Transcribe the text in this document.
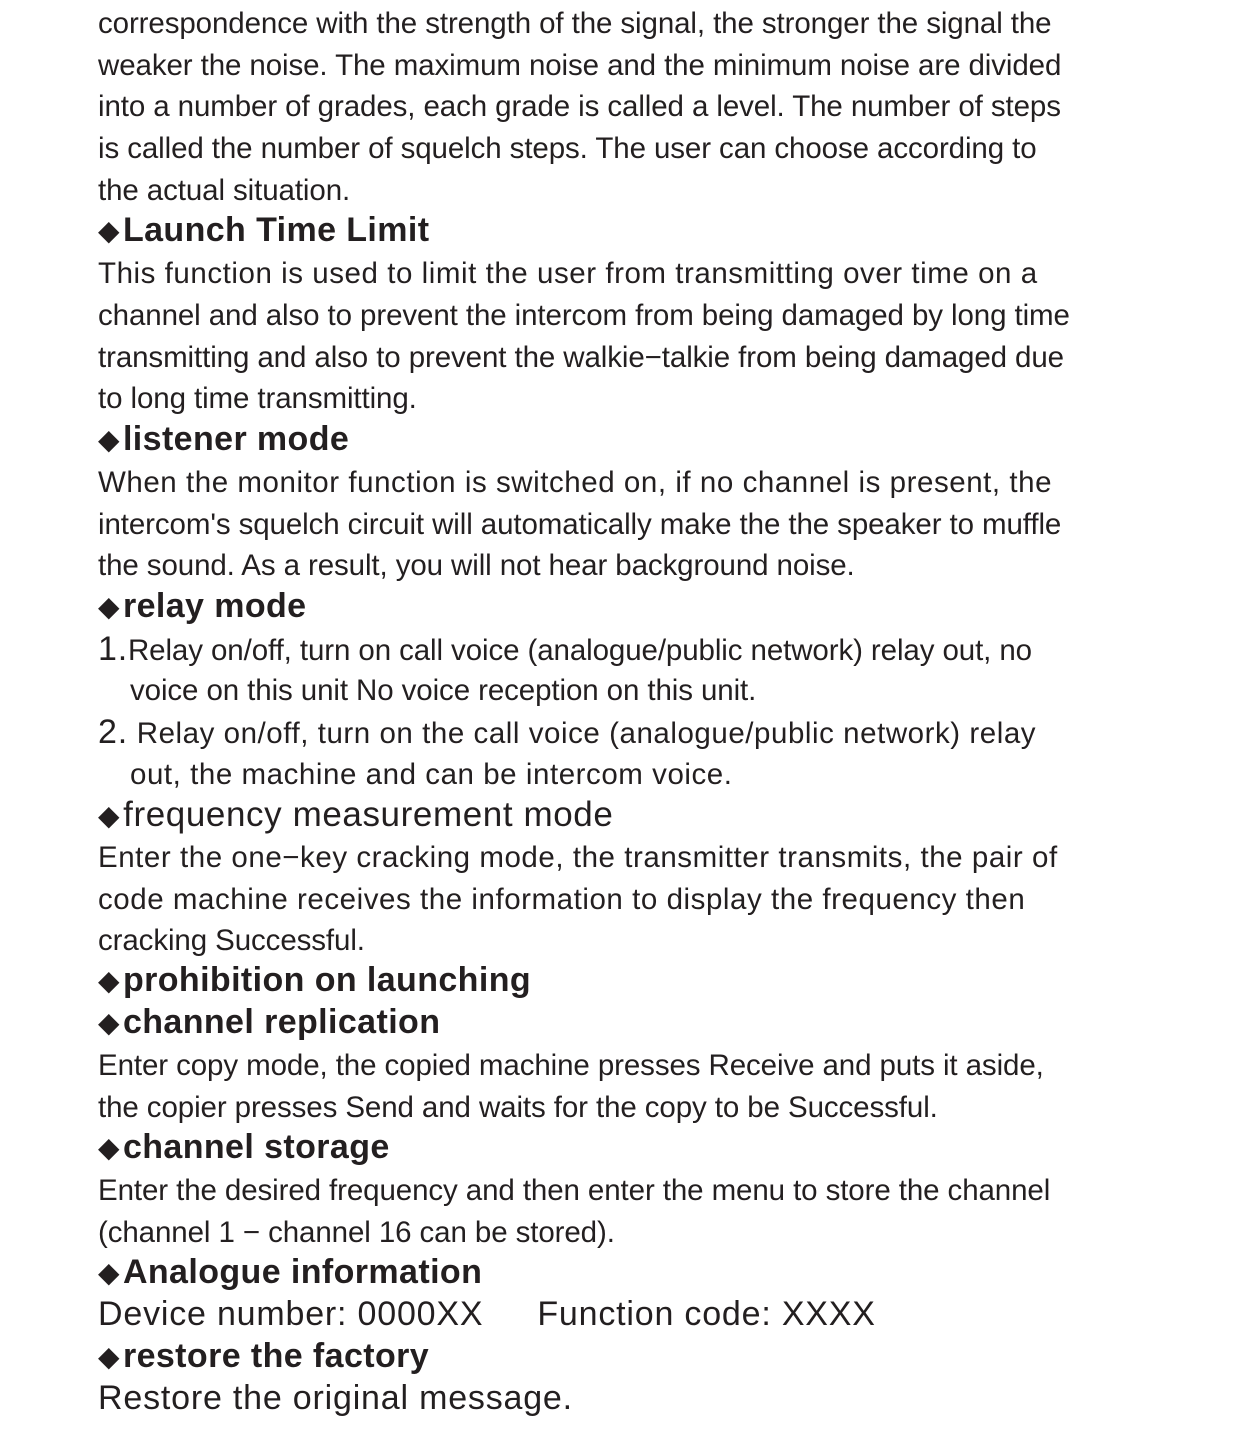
correspondence with the strength of the signal, the stronger the signal the
weaker the noise. The maximum noise and the minimum noise are divided
into a number of grades, each grade is called a level. The number of steps
is called the number of squelch steps. The user can choose according to
the actual situation.
◆Launch Time Limit
This function is used to limit the user from transmitting over time on a
channel and also to prevent the intercom from being damaged by long time
transmitting and also to prevent the walkie−talkie from being damaged due
to long time transmitting.
◆listener mode
When the monitor function is switched on, if no channel is present, the
intercom's squelch circuit will automatically make the the speaker to muffle
the sound. As a result, you will not hear background noise.
◆relay mode
1.Relay on/off, turn on call voice (analogue/public network) relay out, no
voice on this unit No voice reception on this unit.
2. Relay on/off, turn on the call voice (analogue/public network) relay
out, the machine and can be intercom voice.
◆frequency measurement mode
Enter the one−key cracking mode, the transmitter transmits, the pair of
code machine receives the information to display the frequency then
cracking Successful.
◆prohibition on launching
◆channel replication
Enter copy mode, the copied machine presses Receive and puts it aside,
the copier presses Send and waits for the copy to be Successful.
◆channel storage
Enter the desired frequency and then enter the menu to store the channel
(channel 1 − channel 16 can be stored).
◆Analogue information
Device number: 0000XX Function code: XXXX
◆restore the factory
Restore the original message.
